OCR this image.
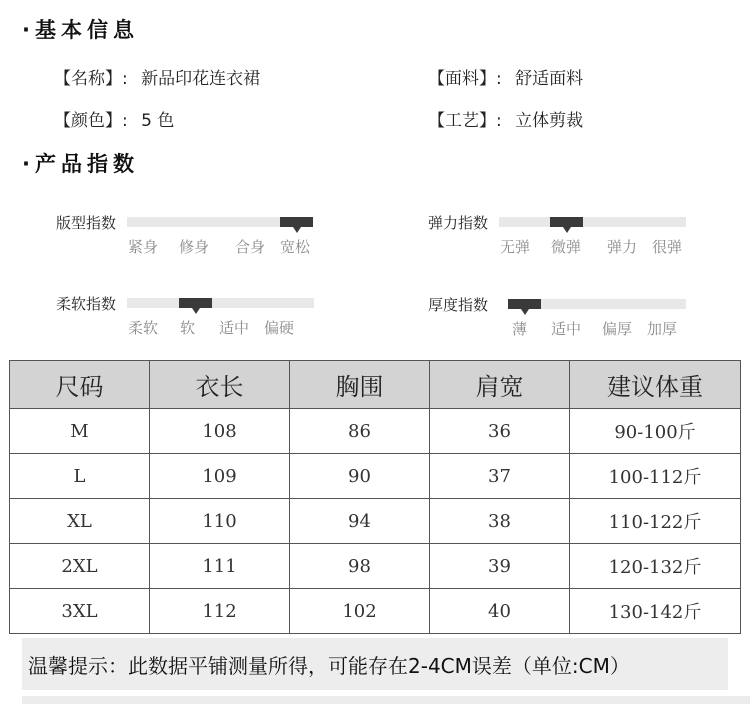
·基本信息
【名称】: 新品印花连衣裙	【面料】: 舒适面料
【颜色】: 5 色	【工艺】: 立体剪裁
·产品指数
版型指数
紧身 修身 合身 宽松
弹力指数
无弹 微弹 弹力 很弹
柔软指数
柔软 软 适中 偏硬
厚度指数
薄 适中 偏厚 加厚
尺码	衣长	胸围	肩宽	建议体重
M	108	86	36	90-100斤
L	109	90	37	100-112斤
XL	110	94	38	110-122斤
2XL	111	98	39	120-132斤
3XL	112	102	40	130-142斤
温馨提示：此数据平铺测量所得，可能存在2-4CM误差（单位:CM）
